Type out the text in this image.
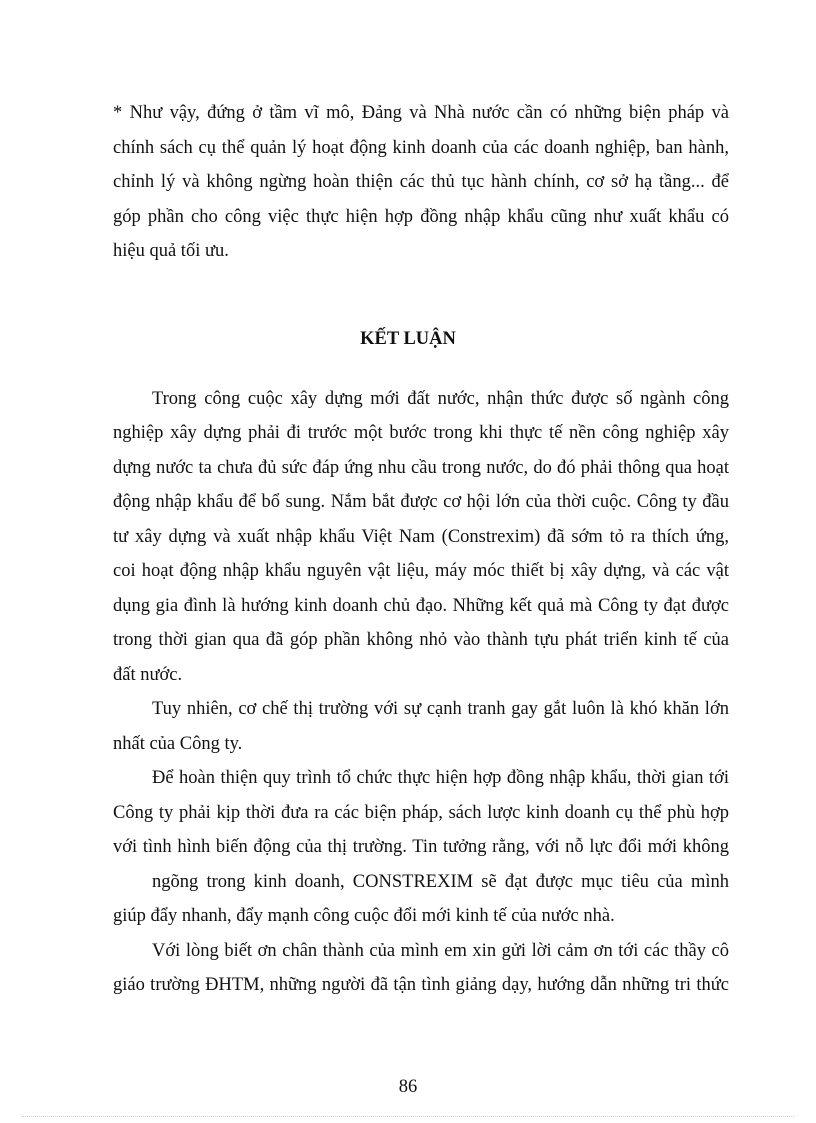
* Như vậy, đứng ở tầm vĩ mô, Đảng và Nhà nước cần có những biện pháp và
chính sách cụ thể quản lý hoạt động kinh doanh của các doanh nghiệp, ban hành,
chỉnh lý và không ngừng hoàn thiện các thủ tục hành chính, cơ sở hạ tầng... để
góp phần cho công việc thực hiện hợp đồng nhập khẩu cũng như xuất khẩu có
hiệu quả tối ưu.
KẾT LUẬN
Trong công cuộc xây dựng mới đất nước, nhận thức được số ngành công
nghiệp xây dựng phải đi trước một bước trong khi thực tế nền công nghiệp xây
dựng nước ta chưa đủ sức đáp ứng nhu cầu trong nước, do đó phải thông qua hoạt
động nhập khẩu để bổ sung. Nắm bắt được cơ hội lớn của thời cuộc. Công ty đầu
tư xây dựng và xuất nhập khẩu Việt Nam (Constrexim) đã sớm tỏ ra thích ứng,
coi hoạt động nhập khẩu nguyên vật liệu, máy móc thiết bị xây dựng, và các vật
dụng gia đình là hướng kinh doanh chủ đạo. Những kết quả mà Công ty đạt được
trong thời gian qua đã góp phần không nhỏ vào thành tựu phát triển kinh tế của
đất nước.
Tuy nhiên, cơ chế thị trường với sự cạnh tranh gay gắt luôn là khó khăn lớn
nhất của Công ty.
Để hoàn thiện quy trình tổ chức thực hiện hợp đồng nhập khẩu, thời gian tới
Công ty phải kịp thời đưa ra các biện pháp, sách lược kinh doanh cụ thể phù hợp
với tình hình biến động của thị trường. Tin tưởng rằng, với nỗ lực đổi mới không
ngõng trong kinh doanh, CONSTREXIM sẽ đạt được mục tiêu của mình
giúp đẩy nhanh, đẩy mạnh công cuộc đổi mới kinh tế của nước nhà.
Với lòng biết ơn chân thành của mình em xin gửi lời cảm ơn tới các thầy cô
giáo trường ĐHTM, những người đã tận tình giảng dạy, hướng dẫn những tri thức
86
